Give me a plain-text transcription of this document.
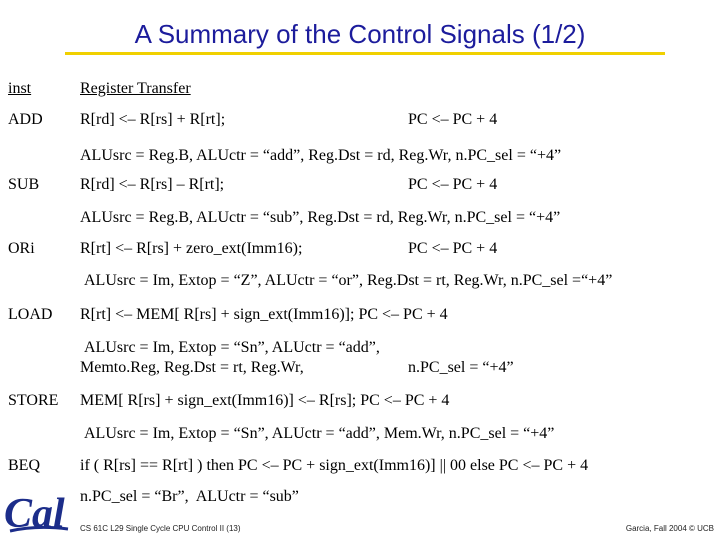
A Summary of the Control Signals (1/2)
inst	Register Transfer
ADD R[rd] <– R[rs] + R[rt];	PC <– PC + 4
ALUsrc = Reg.B, ALUctr = “add”, Reg.Dst = rd, Reg.Wr, n.PC_sel = “+4”
SUB	R[rd] <– R[rs] – R[rt];	PC <– PC + 4
ALUsrc = Reg.B, ALUctr = “sub”, Reg.Dst = rd, Reg.Wr, n.PC_sel = “+4”
ORi	R[rt] <– R[rs] + zero_ext(Imm16);	PC <– PC + 4
ALUsrc = Im, Extop = “Z”, ALUctr = “or”, Reg.Dst = rt, Reg.Wr, n.PC_sel =“+4”
LOAD R[rt] <– MEM[ R[rs] + sign_ext(Imm16)]; PC <– PC + 4
ALUsrc = Im, Extop = “Sn”, ALUctr = “add”,
Memto.Reg, Reg.Dst = rt, Reg.Wr,	n.PC_sel = “+4”
STORE MEM[ R[rs] + sign_ext(Imm16)] <– R[rs]; PC <– PC + 4
ALUsrc = Im, Extop = “Sn”, ALUctr = “add”, Mem.Wr, n.PC_sel = “+4”
BEQ	if ( R[rs] == R[rt] ) then PC <– PC + sign_ext(Imm16)] || 00 else PC <– PC + 4
n.PC_sel = “Br”,  ALUctr = “sub”
Cal CS 61C L29 Single Cycle CPU Control II (13)	Garcia, Fall 2004 © UCB
